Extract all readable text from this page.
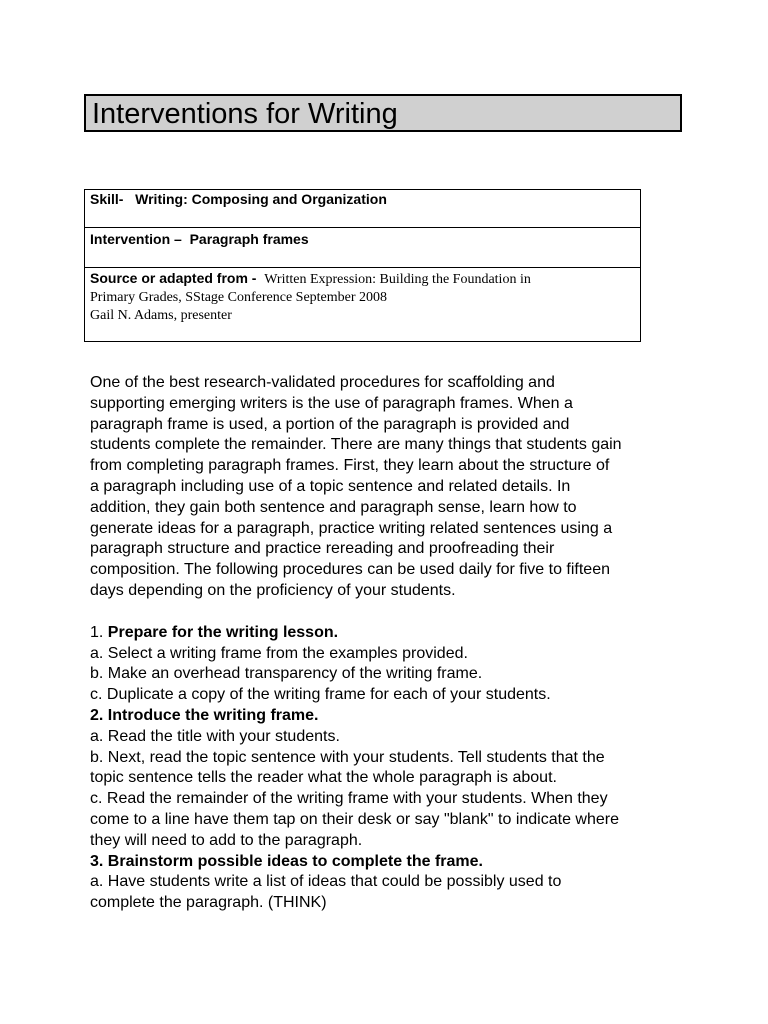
Interventions for Writing
Skill- Writing: Composing and Organization
Intervention – Paragraph frames

Source or adapted from - Written Expression: Building the Foundation in
Primary Grades, SStage Conference September 2008
Gail N. Adams, presenter

One of the best research-validated procedures for scaffolding and
supporting emerging writers is the use of paragraph frames. When a
paragraph frame is used, a portion of the paragraph is provided and
students complete the remainder. There are many things that students gain
from completing paragraph frames. First, they learn about the structure of
a paragraph including use of a topic sentence and related details. In
addition, they gain both sentence and paragraph sense, learn how to
generate ideas for a paragraph, practice writing related sentences using a
paragraph structure and practice rereading and proofreading their
composition. The following procedures can be used daily for five to fifteen
days depending on the proficiency of your students.

1. Prepare for the writing lesson.

a. Select a writing frame from the examples provided.

b. Make an overhead transparency of the writing frame.

c. Duplicate a copy of the writing frame for each of your students.

2. Introduce the writing frame.

a. Read the title with your students.

b. Next, read the topic sentence with your students. Tell students that the
topic sentence tells the reader what the whole paragraph is about.

c. Read the remainder of the writing frame with your students. When they
come to a line have them tap on their desk or say "blank" to indicate where
they will need to add to the paragraph.

3. Brainstorm possible ideas to complete the frame.

a. Have students write a list of ideas that could be possibly used to
complete the paragraph. (THINK)
